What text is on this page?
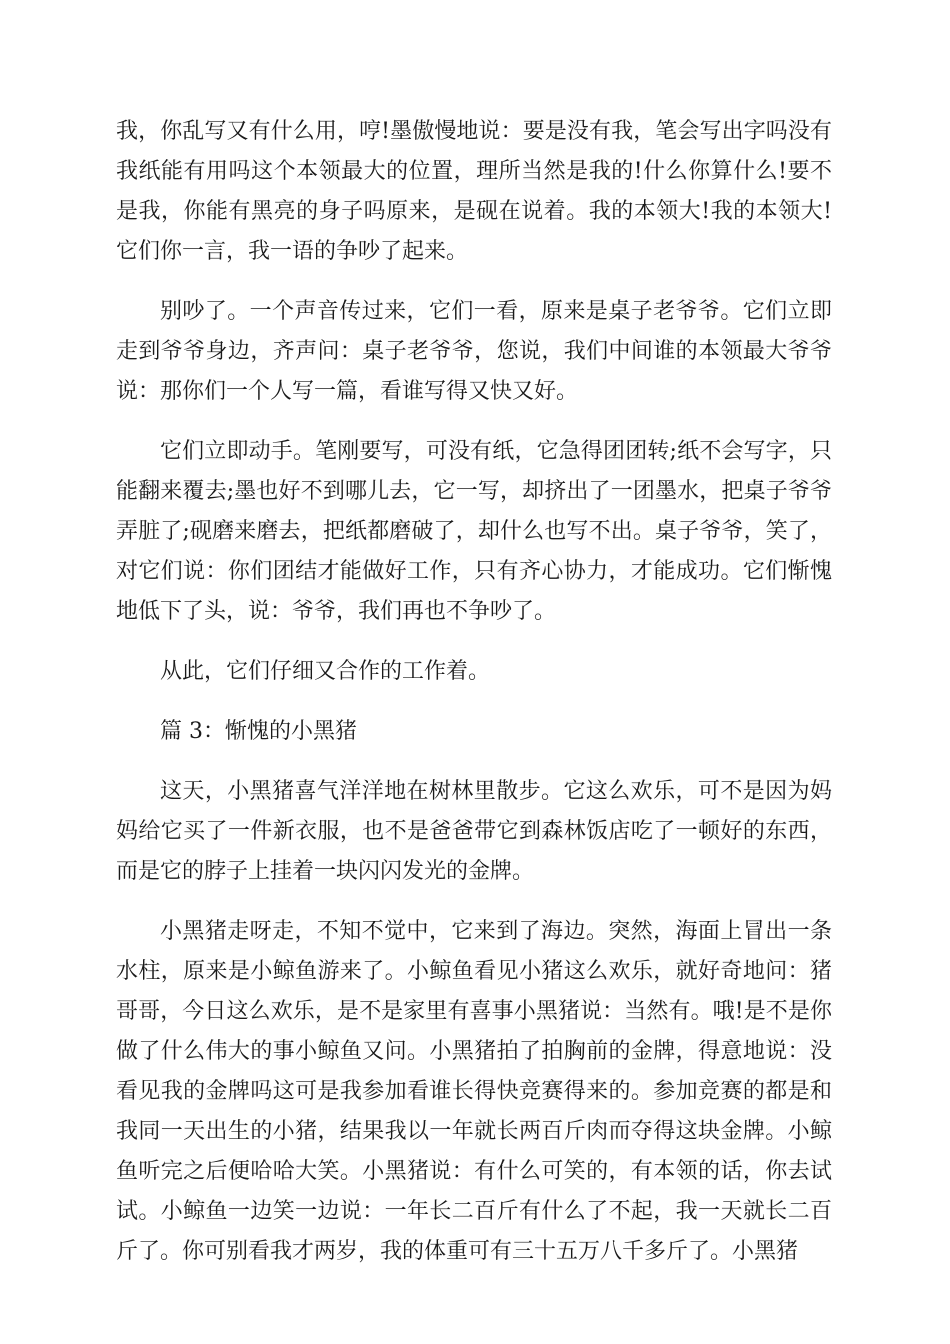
我，你乱写又有什么用，哼!墨傲慢地说：要是没有我，笔会写出字吗没有我纸能有用吗这个本领最大的位置，理所当然是我的!什么你算什么!要不是我，你能有黑亮的身子吗原来，是砚在说着。我的本领大!我的本领大!它们你一言，我一语的争吵了起来。

别吵了。一个声音传过来，它们一看，原来是桌子老爷爷。它们立即走到爷爷身边，齐声问：桌子老爷爷，您说，我们中间谁的本领最大爷爷说：那你们一个人写一篇，看谁写得又快又好。

它们立即动手。笔刚要写，可没有纸，它急得团团转;纸不会写字，只能翻来覆去;墨也好不到哪儿去，它一写，却挤出了一团墨水，把桌子爷爷弄脏了;砚磨来磨去，把纸都磨破了，却什么也写不出。桌子爷爷，笑了，对它们说：你们团结才能做好工作，只有齐心协力，才能成功。它们惭愧地低下了头，说：爷爷，我们再也不争吵了。

从此，它们仔细又合作的工作着。

篇 3：惭愧的小黑猪

这天，小黑猪喜气洋洋地在树林里散步。它这么欢乐，可不是因为妈妈给它买了一件新衣服，也不是爸爸带它到森林饭店吃了一顿好的东西，而是它的脖子上挂着一块闪闪发光的金牌。

小黑猪走呀走，不知不觉中，它来到了海边。突然，海面上冒出一条水柱，原来是小鲸鱼游来了。小鲸鱼看见小猪这么欢乐，就好奇地问：猪哥哥，今日这么欢乐，是不是家里有喜事小黑猪说：当然有。哦!是不是你做了什么伟大的事小鲸鱼又问。小黑猪拍了拍胸前的金牌，得意地说：没看见我的金牌吗这可是我参加看谁长得快竞赛得来的。参加竞赛的都是和我同一天出生的小猪，结果我以一年就长两百斤肉而夺得这块金牌。小鲸鱼听完之后便哈哈大笑。小黑猪说：有什么可笑的，有本领的话，你去试试。小鲸鱼一边笑一边说：一年长二百斤有什么了不起，我一天就长二百斤了。你可别看我才两岁，我的体重可有三十五万八千多斤了。小黑猪
